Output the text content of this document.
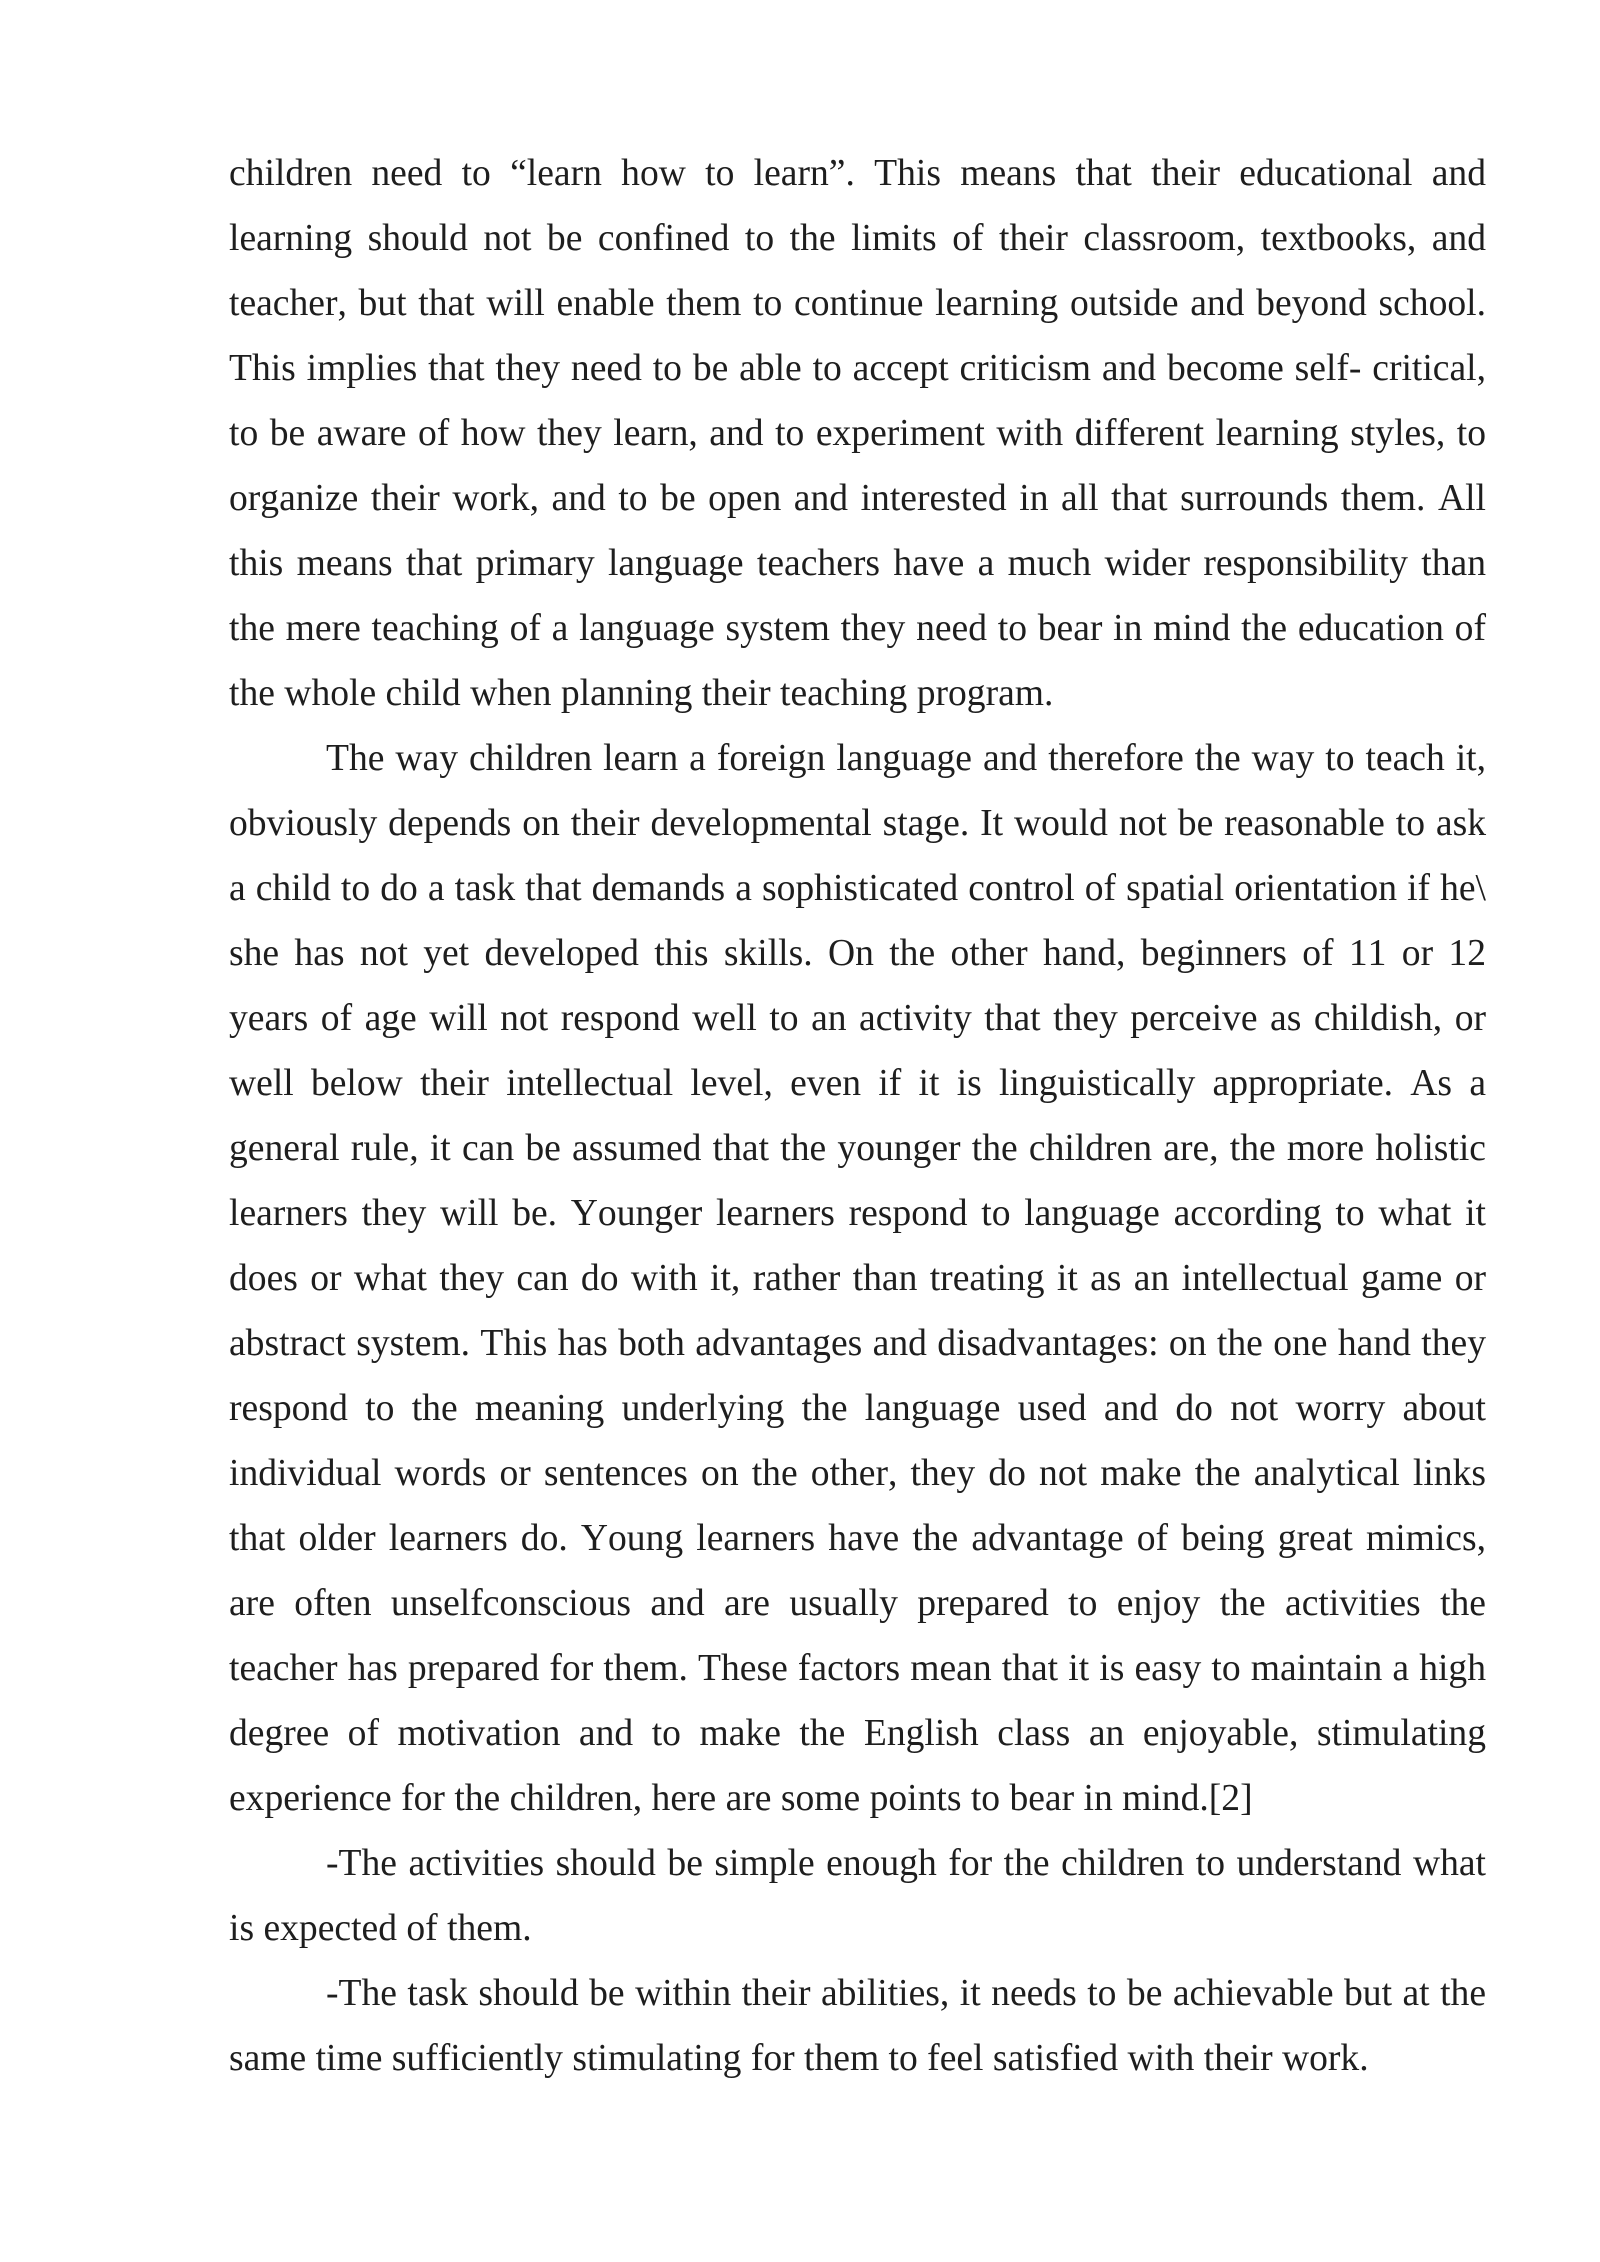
children need to “learn how to learn”. This means that their educational and
learning should not be confined to the limits of their classroom, textbooks, and
teacher, but that will enable them to continue learning outside and beyond school.
This implies that they need to be able to accept criticism and become self- critical,
to be aware of how they learn, and to experiment with different learning styles, to
organize their work, and to be open and interested in all that surrounds them. All
this means that primary language teachers have a much wider responsibility than
the mere teaching of a language system they need to bear in mind the education of
the whole child when planning their teaching program.
The way children learn a foreign language and therefore the way to teach it,
obviously depends on their developmental stage. It would not be reasonable to ask
a child to do a task that demands a sophisticated control of spatial orientation if he\
she has not yet developed this skills. On the other hand, beginners of 11 or 12
years of age will not respond well to an activity that they perceive as childish, or
well below their intellectual level, even if it is linguistically appropriate. As a
general rule, it can be assumed that the younger the children are, the more holistic
learners they will be. Younger learners respond to language according to what it
does or what they can do with it, rather than treating it as an intellectual game or
abstract system. This has both advantages and disadvantages: on the one hand they
respond to the meaning underlying the language used and do not worry about
individual words or sentences on the other, they do not make the analytical links
that older learners do. Young learners have the advantage of being great mimics,
are often unselfconscious and are usually prepared to enjoy the activities the
teacher has prepared for them. These factors mean that it is easy to maintain a high
degree of motivation and to make the English class an enjoyable, stimulating
experience for the children, here are some points to bear in mind.[2]
-The activities should be simple enough for the children to understand what
is expected of them.
-The task should be within their abilities, it needs to be achievable but at the
same time sufficiently stimulating for them to feel satisfied with their work.
